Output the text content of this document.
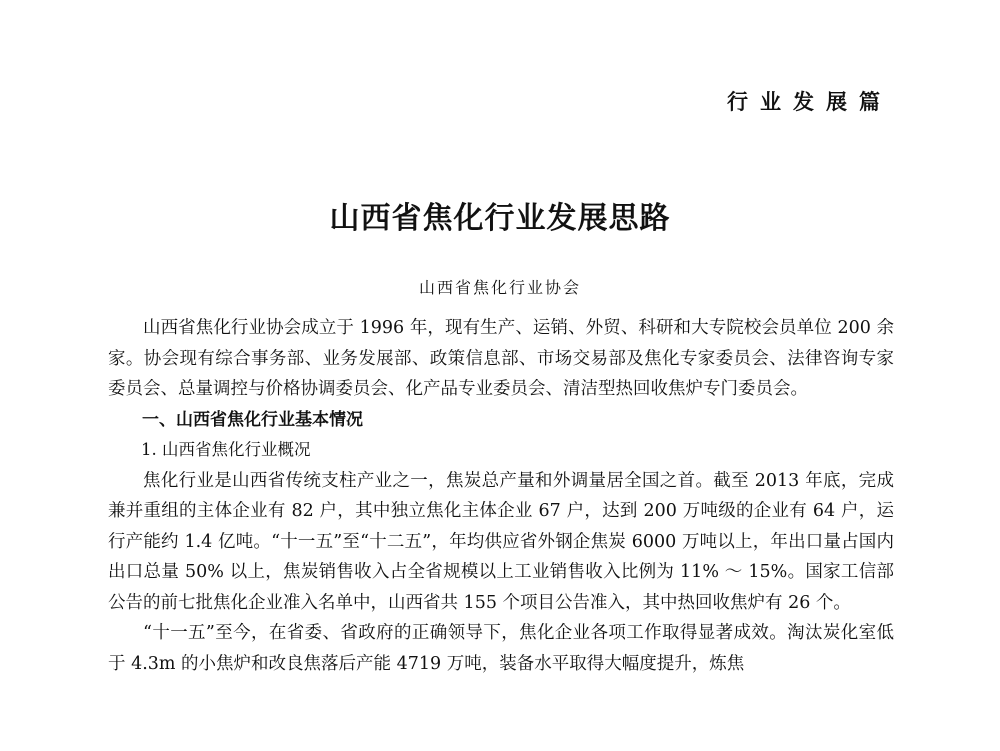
行业发展篇
山西省焦化行业发展思路
山西省焦化行业协会

山西省焦化行业协会成立于 1996 年，现有生产、运销、外贸、科研和大专院校会员单位 200 余家。协会现有综合事务部、业务发展部、政策信息部、市场交易部及焦化专家委员会、法律咨询专家委员会、总量调控与价格协调委员会、化产品专业委员会、清洁型热回收焦炉专门委员会。

一、山西省焦化行业基本情况

1. 山西省焦化行业概况

焦化行业是山西省传统支柱产业之一，焦炭总产量和外调量居全国之首。截至 2013 年底，完成兼并重组的主体企业有 82 户，其中独立焦化主体企业 67 户，达到 200 万吨级的企业有 64 户，运行产能约 1.4 亿吨。“十一五”至“十二五”，年均供应省外钢企焦炭 6000 万吨以上，年出口量占国内出口总量 50% 以上，焦炭销售收入占全省规模以上工业销售收入比例为 11% ～ 15%。国家工信部公告的前七批焦化企业准入名单中，山西省共 155 个项目公告准入，其中热回收焦炉有 26 个。

“十一五”至今，在省委、省政府的正确领导下，焦化企业各项工作取得显著成效。淘汰炭化室低于 4.3m 的小焦炉和改良焦落后产能 4719 万吨，装备水平取得大幅度提升，炼焦
